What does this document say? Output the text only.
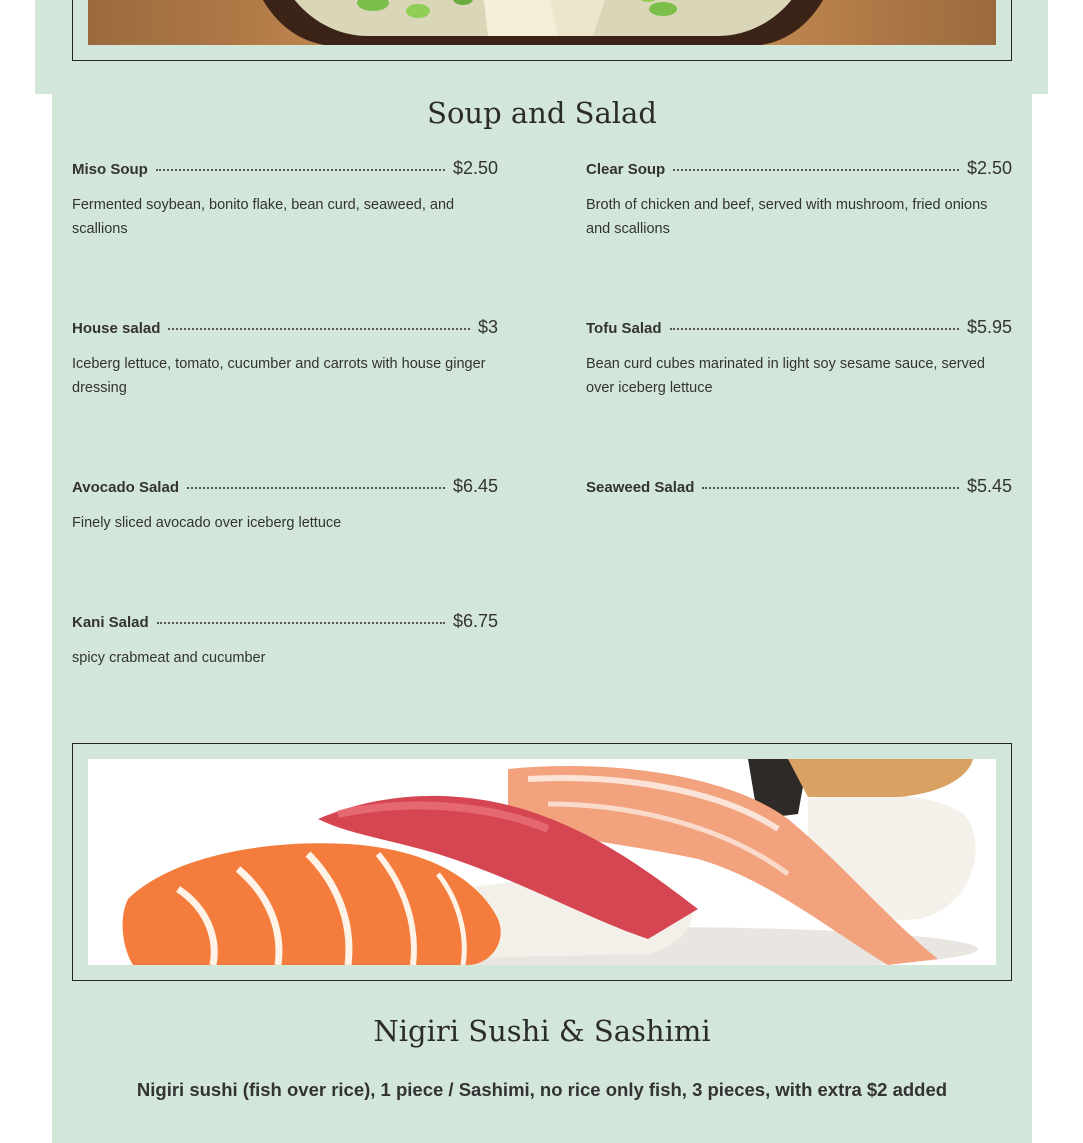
Soup and Salad
Miso Soup	$2.50
Fermented soybean, bonito flake, bean curd, seaweed, and scallions
Clear Soup	$2.50
Broth of chicken and beef, served with mushroom, fried onions and scallions
House salad	$3
Iceberg lettuce, tomato, cucumber and carrots with house ginger dressing
Tofu Salad	$5.95
Bean curd cubes marinated in light soy sesame sauce, served over iceberg lettuce
Avocado Salad	$6.45
Finely sliced avocado over iceberg lettuce
Seaweed Salad	$5.45
Kani Salad	$6.75
spicy crabmeat and cucumber
Nigiri Sushi & Sashimi
Nigiri sushi (fish over rice), 1 piece / Sashimi, no rice only fish, 3 pieces, with extra $2 added
